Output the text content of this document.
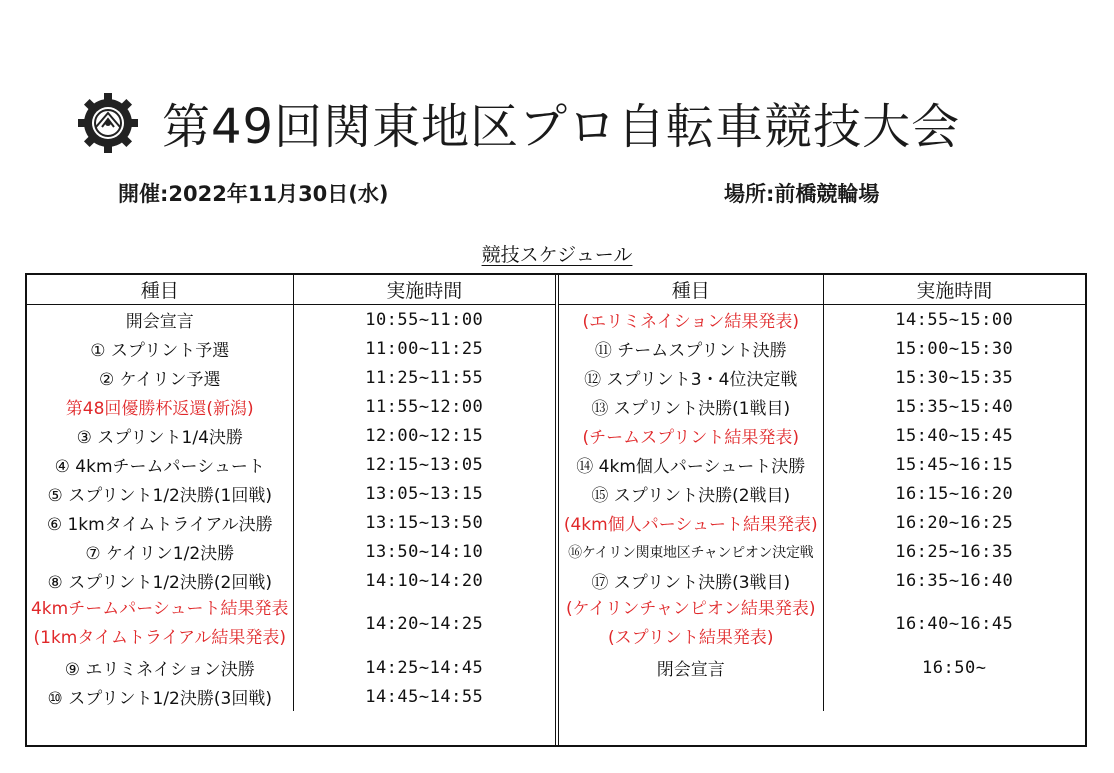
第49回関東地区プロ自転車競技大会
開催:2022年11月30日(水)	場所:前橋競輪場
競技スケジュール
種目	実施時間
開会宣言	10:55~11:00
① スプリント予選	11:00~11:25
② ケイリン予選	11:25~11:55
第48回優勝杯返還(新潟)	11:55~12:00
③ スプリント1/4決勝	12:00~12:15
④ 4kmチームパーシュート	12:15~13:05
⑤ スプリント1/2決勝(1回戦)	13:05~13:15
⑥ 1kmタイムトライアル決勝	13:15~13:50
⑦ ケイリン1/2決勝	13:50~14:10
⑧ スプリント1/2決勝(2回戦)	14:10~14:20

4kmチームパーシュート結果発表
(1kmタイムトライアル結果発表)	14:20~14:25
⑨ エリミネイション決勝	14:25~14:45
⑩ スプリント1/2決勝(3回戦)	14:45~14:55
種目	実施時間
(エリミネイション結果発表)	14:55~15:00
⑪ チームスプリント決勝	15:00~15:30
⑫ スプリント3・4位決定戦	15:30~15:35
⑬ スプリント決勝(1戦目)	15:35~15:40
(チームスプリント結果発表)	15:40~15:45
⑭ 4km個人パーシュート決勝	15:45~16:15
⑮ スプリント決勝(2戦目)	16:15~16:20
(4km個人パーシュート結果発表)	16:20~16:25
⑯ケイリン関東地区チャンピオン決定戦	16:25~16:35
⑰ スプリント決勝(3戦目)	16:35~16:40

(ケイリンチャンピオン結果発表)
(スプリント結果発表)	16:40~16:45
閉会宣言	16:50~
